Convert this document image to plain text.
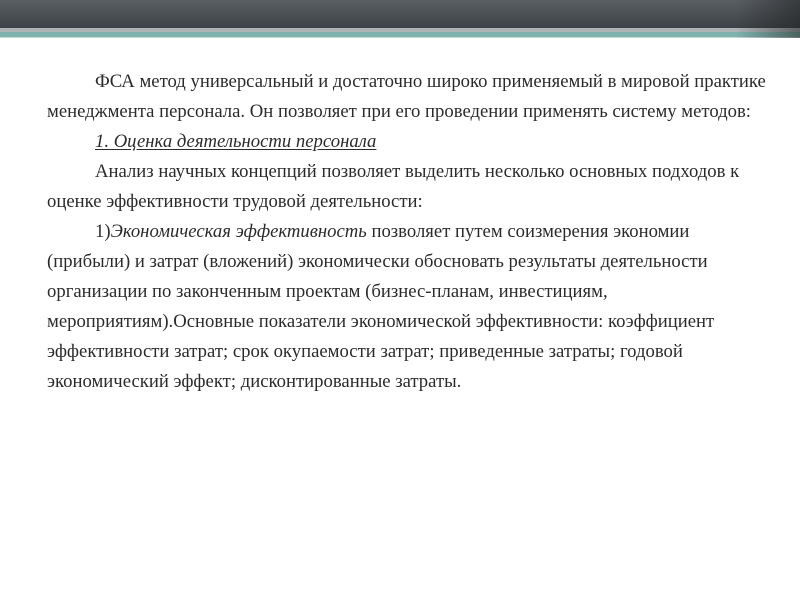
ФСА метод универсальный и достаточно широко применяемый в мировой практике менеджмента персонала. Он позволяет при его проведении применять систему методов:

1. Оценка деятельности персонала

Анализ научных концепций позволяет выделить несколько основных подходов к оценке эффективности трудовой деятельности:

1)Экономическая эффективность позволяет путем соизмерения экономии (прибыли) и затрат (вложений) экономически обосновать результаты деятельности организации по законченным проектам (бизнес-планам, инвестициям, мероприятиям).Основные показатели экономической эффективности: коэффициент эффективности затрат; срок окупаемости затрат; приведенные затраты; годовой экономический эффект; дисконтированные затраты.
